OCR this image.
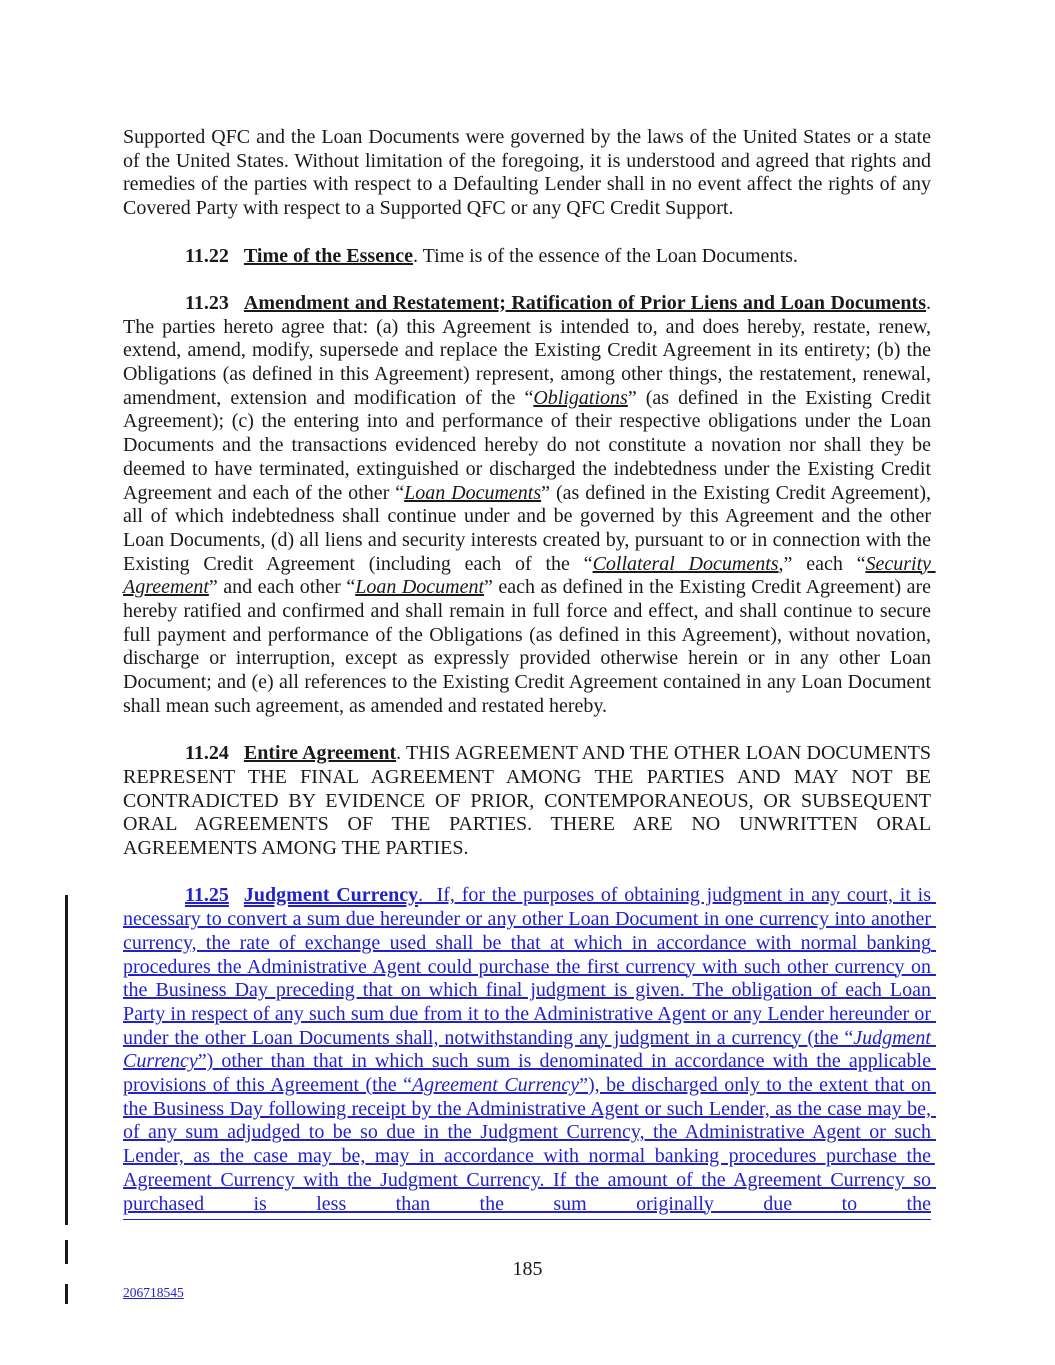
Supported QFC and the Loan Documents were governed by the laws of the United States or a state of the United States. Without limitation of the foregoing, it is understood and agreed that rights and remedies of the parties with respect to a Defaulting Lender shall in no event affect the rights of any Covered Party with respect to a Supported QFC or any QFC Credit Support.

11.22 Time of the Essence. Time is of the essence of the Loan Documents.

11.23 Amendment and Restatement; Ratification of Prior Liens and Loan Documents. The parties hereto agree that: (a) this Agreement is intended to, and does hereby, restate, renew, extend, amend, modify, supersede and replace the Existing Credit Agreement in its entirety; (b) the Obligations (as defined in this Agreement) represent, among other things, the restatement, renewal, amendment, extension and modification of the “Obligations” (as defined in the Existing Credit Agreement); (c) the entering into and performance of their respective obligations under the Loan Documents and the transactions evidenced hereby do not constitute a novation nor shall they be deemed to have terminated, extinguished or discharged the indebtedness under the Existing Credit Agreement and each of the other “Loan Documents” (as defined in the Existing Credit Agreement), all of which indebtedness shall continue under and be governed by this Agreement and the other Loan Documents, (d) all liens and security interests created by, pursuant to or in connection with the Existing Credit Agreement (including each of the “Collateral Documents,” each “Security Agreement” and each other “Loan Document” each as defined in the Existing Credit Agreement) are hereby ratified and confirmed and shall remain in full force and effect, and shall continue to secure full payment and performance of the Obligations (as defined in this Agreement), without novation, discharge or interruption, except as expressly provided otherwise herein or in any other Loan Document; and (e) all references to the Existing Credit Agreement contained in any Loan Document shall mean such agreement, as amended and restated hereby.

11.24 Entire Agreement. THIS AGREEMENT AND THE OTHER LOAN DOCUMENTS REPRESENT THE FINAL AGREEMENT AMONG THE PARTIES AND MAY NOT BE CONTRADICTED BY EVIDENCE OF PRIOR, CONTEMPORANEOUS, OR SUBSEQUENT ORAL AGREEMENTS OF THE PARTIES. THERE ARE NO UNWRITTEN ORAL AGREEMENTS AMONG THE PARTIES.

11.25 Judgment Currency.  If, for the purposes of obtaining judgment in any court, it is necessary to convert a sum due hereunder or any other Loan Document in one currency into another currency, the rate of exchange used shall be that at which in accordance with normal banking procedures the Administrative Agent could purchase the first currency with such other currency on the Business Day preceding that on which final judgment is given. The obligation of each Loan Party in respect of any such sum due from it to the Administrative Agent or any Lender hereunder or under the other Loan Documents shall, notwithstanding any judgment in a currency (the “Judgment Currency”) other than that in which such sum is denominated in accordance with the applicable provisions of this Agreement (the “Agreement Currency”), be discharged only to the extent that on the Business Day following receipt by the Administrative Agent or such Lender, as the case may be, of any sum adjudged to be so due in the Judgment Currency, the Administrative Agent or such Lender, as the case may be, may in accordance with normal banking procedures purchase the Agreement Currency with the Judgment Currency. If the amount of the Agreement Currency so purchased is less than the sum originally due to the

185
206718545
